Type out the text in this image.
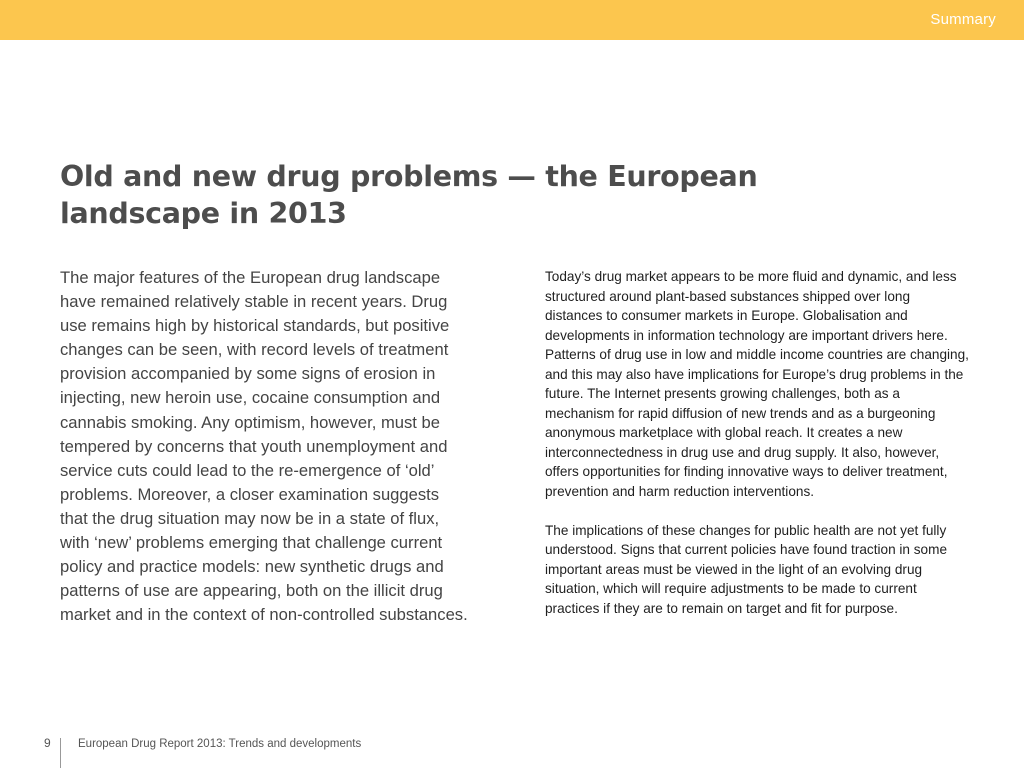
Summary
Old and new drug problems — the European landscape in 2013

The major features of the European drug landscape have remained relatively stable in recent years. Drug use remains high by historical standards, but positive changes can be seen, with record levels of treatment provision accompanied by some signs of erosion in injecting, new heroin use, cocaine consumption and cannabis smoking. Any optimism, however, must be tempered by concerns that youth unemployment and service cuts could lead to the re-emergence of ‘old’ problems. Moreover, a closer examination suggests that the drug situation may now be in a state of flux, with ‘new’ problems emerging that challenge current policy and practice models: new synthetic drugs and patterns of use are appearing, both on the illicit drug market and in the context of non-controlled substances.

Today’s drug market appears to be more fluid and dynamic, and less structured around plant-based substances shipped over long distances to consumer markets in Europe. Globalisation and developments in information technology are important drivers here. Patterns of drug use in low and middle income countries are changing, and this may also have implications for Europe’s drug problems in the future. The Internet presents growing challenges, both as a mechanism for rapid diffusion of new trends and as a burgeoning anonymous marketplace with global reach. It creates a new interconnectedness in drug use and drug supply. It also, however, offers opportunities for finding innovative ways to deliver treatment, prevention and harm reduction interventions.

The implications of these changes for public health are not yet fully understood. Signs that current policies have found traction in some important areas must be viewed in the light of an evolving drug situation, which will require adjustments to be made to current practices if they are to remain on target and fit for purpose.

9 European Drug Report 2013: Trends and developments
